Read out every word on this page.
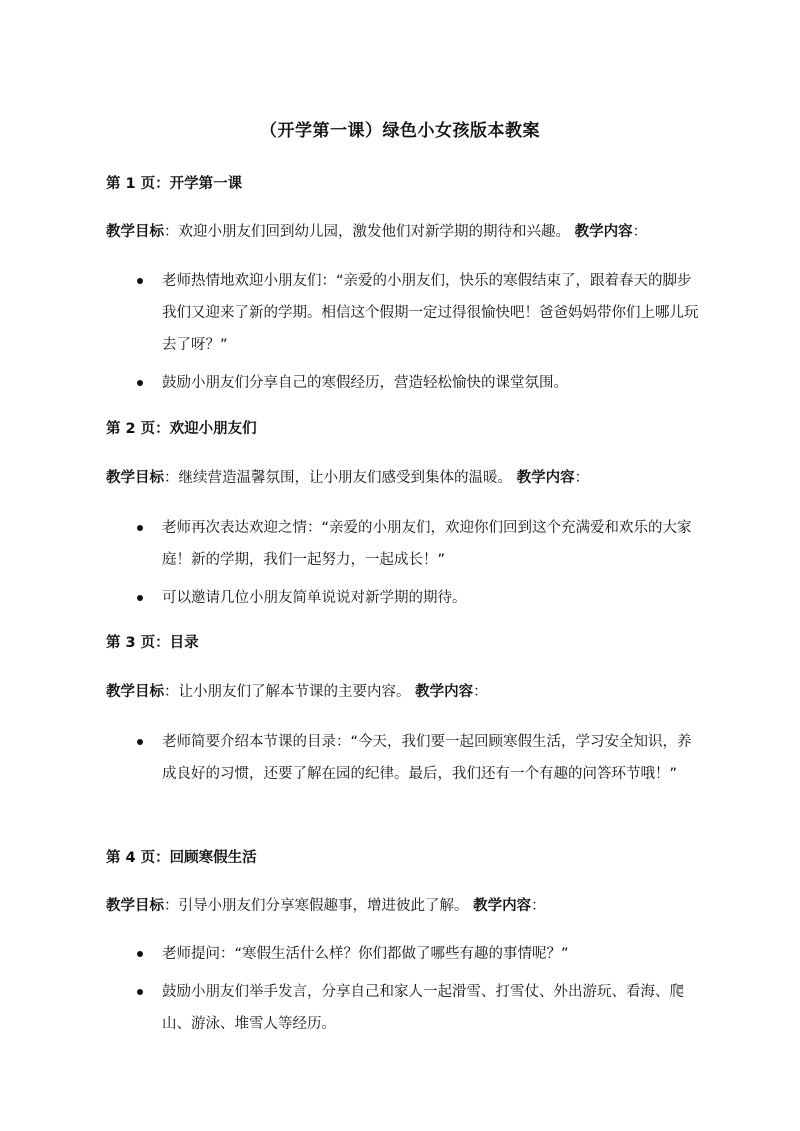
（开学第一课）绿色小女孩版本教案
第 1 页：开学第一课
教学目标：欢迎小朋友们回到幼儿园，激发他们对新学期的期待和兴趣。 教学内容：
老师热情地欢迎小朋友们：“亲爱的小朋友们，快乐的寒假结束了，跟着春天的脚步我们又迎来了新的学期。相信这个假期一定过得很愉快吧！爸爸妈妈带你们上哪儿玩去了呀？”
鼓励小朋友们分享自己的寒假经历，营造轻松愉快的课堂氛围。
第 2 页：欢迎小朋友们
教学目标：继续营造温馨氛围，让小朋友们感受到集体的温暖。 教学内容：
老师再次表达欢迎之情：“亲爱的小朋友们，欢迎你们回到这个充满爱和欢乐的大家庭！新的学期，我们一起努力，一起成长！”
可以邀请几位小朋友简单说说对新学期的期待。
第 3 页：目录
教学目标：让小朋友们了解本节课的主要内容。 教学内容：
老师简要介绍本节课的目录：“今天，我们要一起回顾寒假生活，学习安全知识，养成良好的习惯，还要了解在园的纪律。最后，我们还有一个有趣的问答环节哦！”
第 4 页：回顾寒假生活
教学目标：引导小朋友们分享寒假趣事，增进彼此了解。 教学内容：
老师提问：“寒假生活什么样？你们都做了哪些有趣的事情呢？”
鼓励小朋友们举手发言，分享自己和家人一起滑雪、打雪仗、外出游玩、看海、爬山、游泳、堆雪人等经历。
